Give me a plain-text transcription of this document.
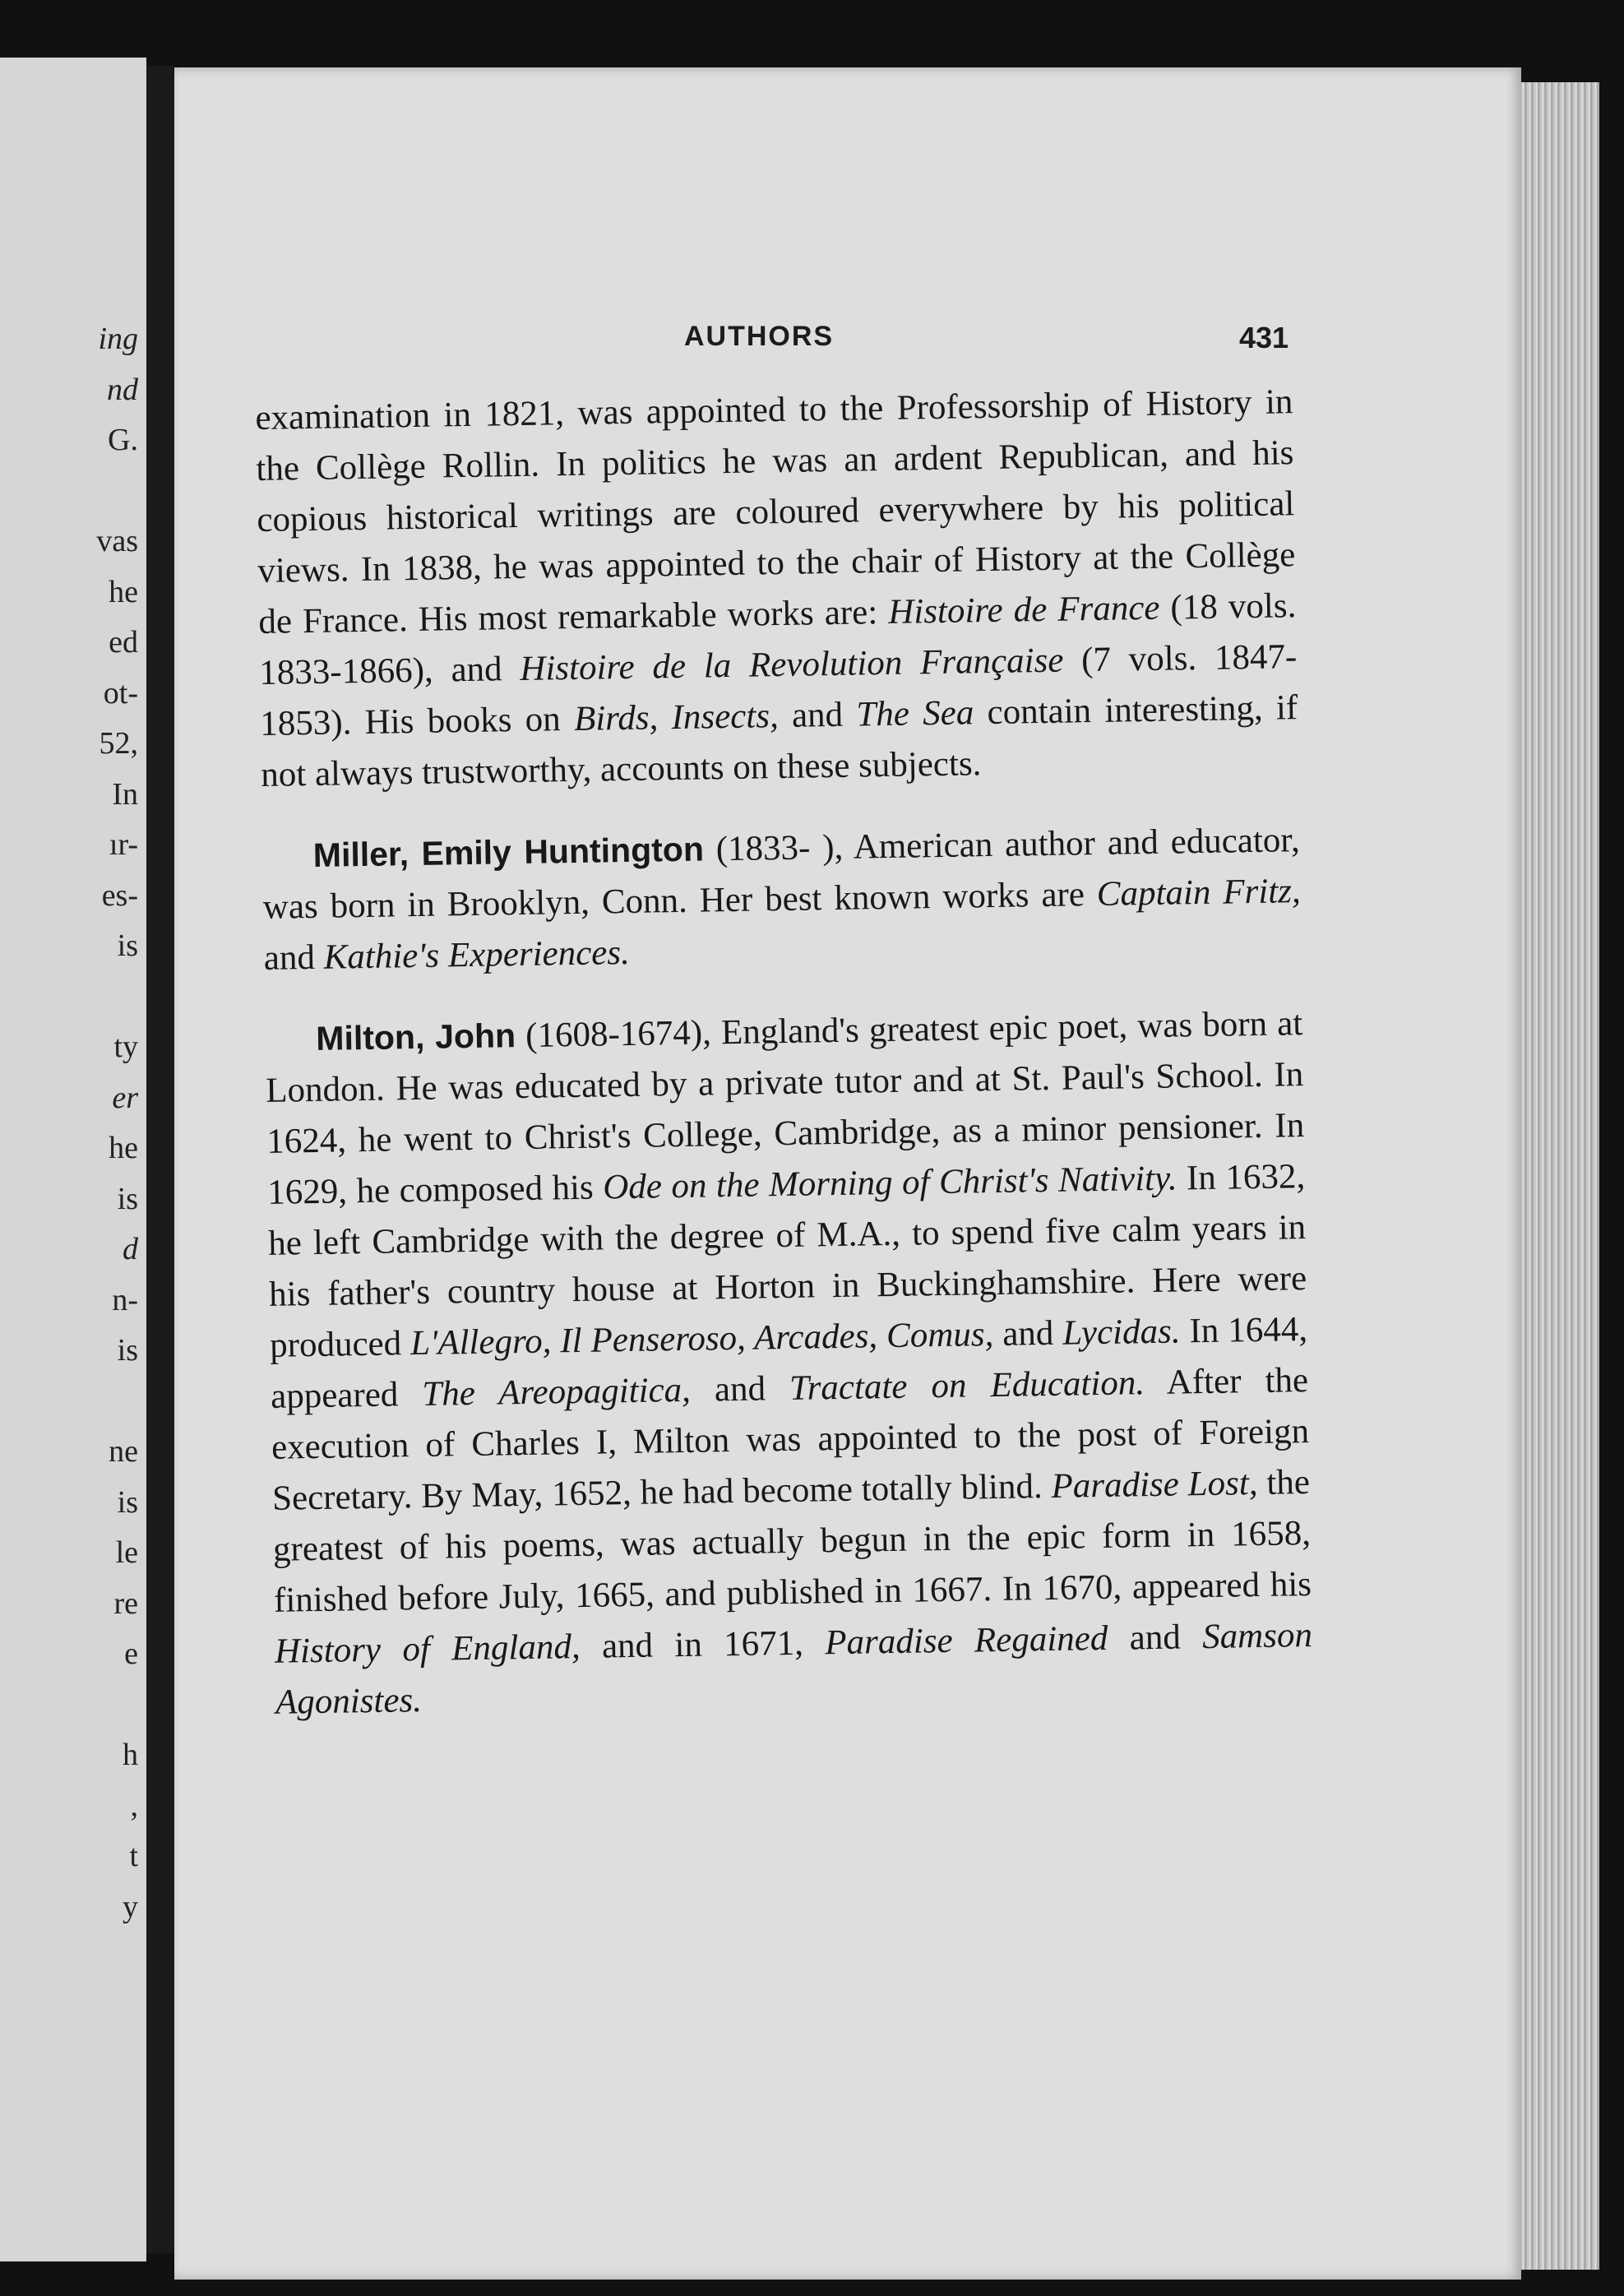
ing
nd
G.
vas
he
ed
ot-
52,
In
ır-
es-
is
ty
er
he
is
d
n-
is
ne
is
le
re
e
h
,
t
y
AUTHORS	431

examination in 1821, was appointed to the Professorship of History in the Collège Rollin. In politics he was an ardent Republican, and his copious historical writings are coloured everywhere by his political views. In 1838, he was appointed to the chair of History at the Collège de France. His most remarkable works are: Histoire de France (18 vols. 1833-1866), and Histoire de la Revolution Française (7 vols. 1847-1853). His books on Birds, Insects, and The Sea contain interesting, if not always trustworthy, accounts on these subjects.

Miller, Emily Huntington (1833- ), American author and educator, was born in Brooklyn, Conn. Her best known works are Captain Fritz, and Kathie's Experiences.

Milton, John (1608-1674), England's greatest epic poet, was born at London. He was educated by a private tutor and at St. Paul's School. In 1624, he went to Christ's College, Cambridge, as a minor pensioner. In 1629, he composed his Ode on the Morning of Christ's Nativity. In 1632, he left Cambridge with the degree of M.A., to spend five calm years in his father's country house at Horton in Buckinghamshire. Here were produced L'Allegro, Il Penseroso, Arcades, Comus, and Lycidas. In 1644, appeared The Areopagitica, and Tractate on Education. After the execution of Charles I, Milton was appointed to the post of Foreign Secretary. By May, 1652, he had become totally blind. Paradise Lost, the greatest of his poems, was actually begun in the epic form in 1658, finished before July, 1665, and published in 1667. In 1670, appeared his History of England, and in 1671, Paradise Regained and Samson Agonistes.
